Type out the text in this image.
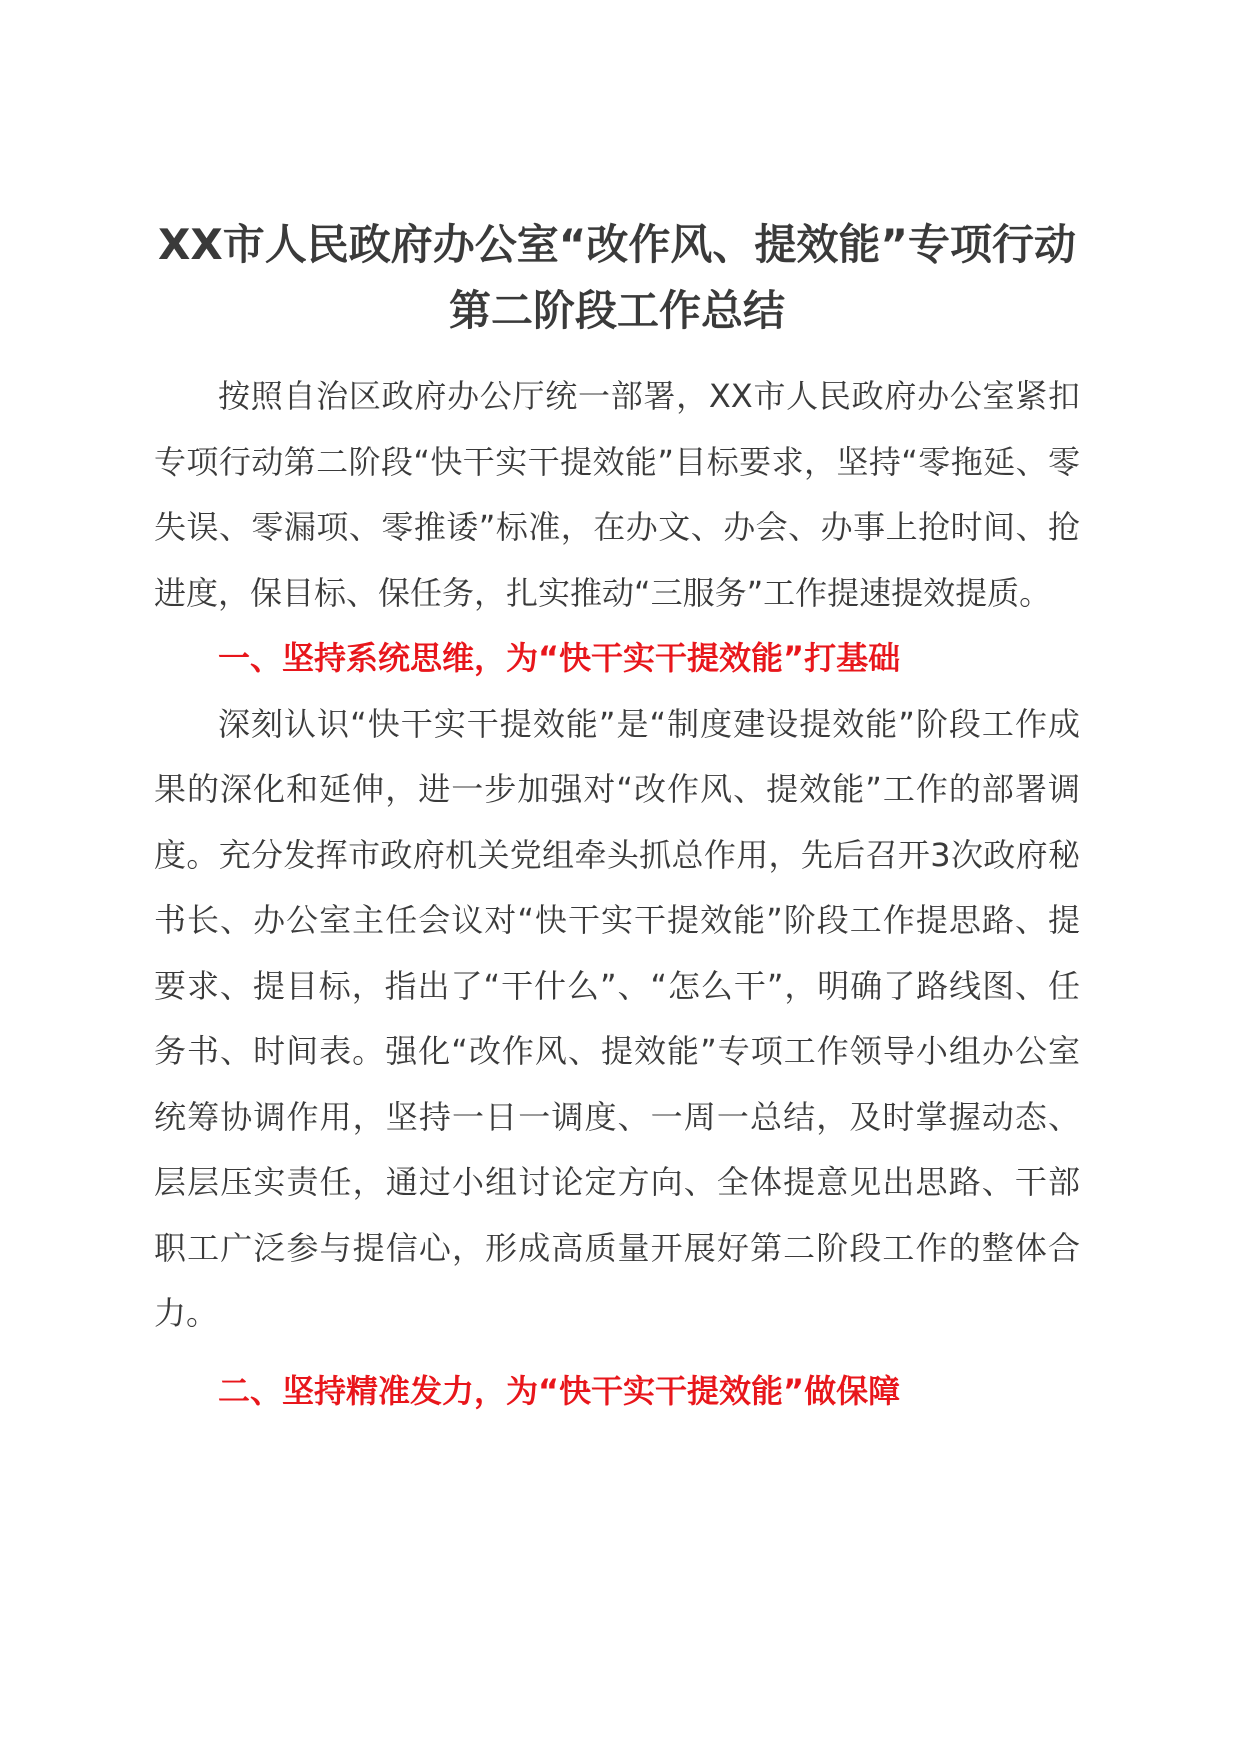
XX市人民政府办公室“改作风、提效能”专项行动第二阶段工作总结

按照自治区政府办公厅统一部署，XX市人民政府办公室紧扣专项行动第二阶段“快干实干提效能”目标要求，坚持“零拖延、零失误、零漏项、零推诿”标准，在办文、办会、办事上抢时间、抢进度，保目标、保任务，扎实推动“三服务”工作提速提效提质。

一、坚持系统思维，为“快干实干提效能”打基础

深刻认识“快干实干提效能”是“制度建设提效能”阶段工作成果的深化和延伸，进一步加强对“改作风、提效能”工作的部署调度。充分发挥市政府机关党组牵头抓总作用，先后召开3次政府秘书长、办公室主任会议对“快干实干提效能”阶段工作提思路、提要求、提目标，指出了“干什么”、“怎么干”，明确了路线图、任务书、时间表。强化“改作风、提效能”专项工作领导小组办公室统筹协调作用，坚持一日一调度、一周一总结，及时掌握动态、层层压实责任，通过小组讨论定方向、全体提意见出思路、干部职工广泛参与提信心，形成高质量开展好第二阶段工作的整体合力。

二、坚持精准发力，为“快干实干提效能”做保障
